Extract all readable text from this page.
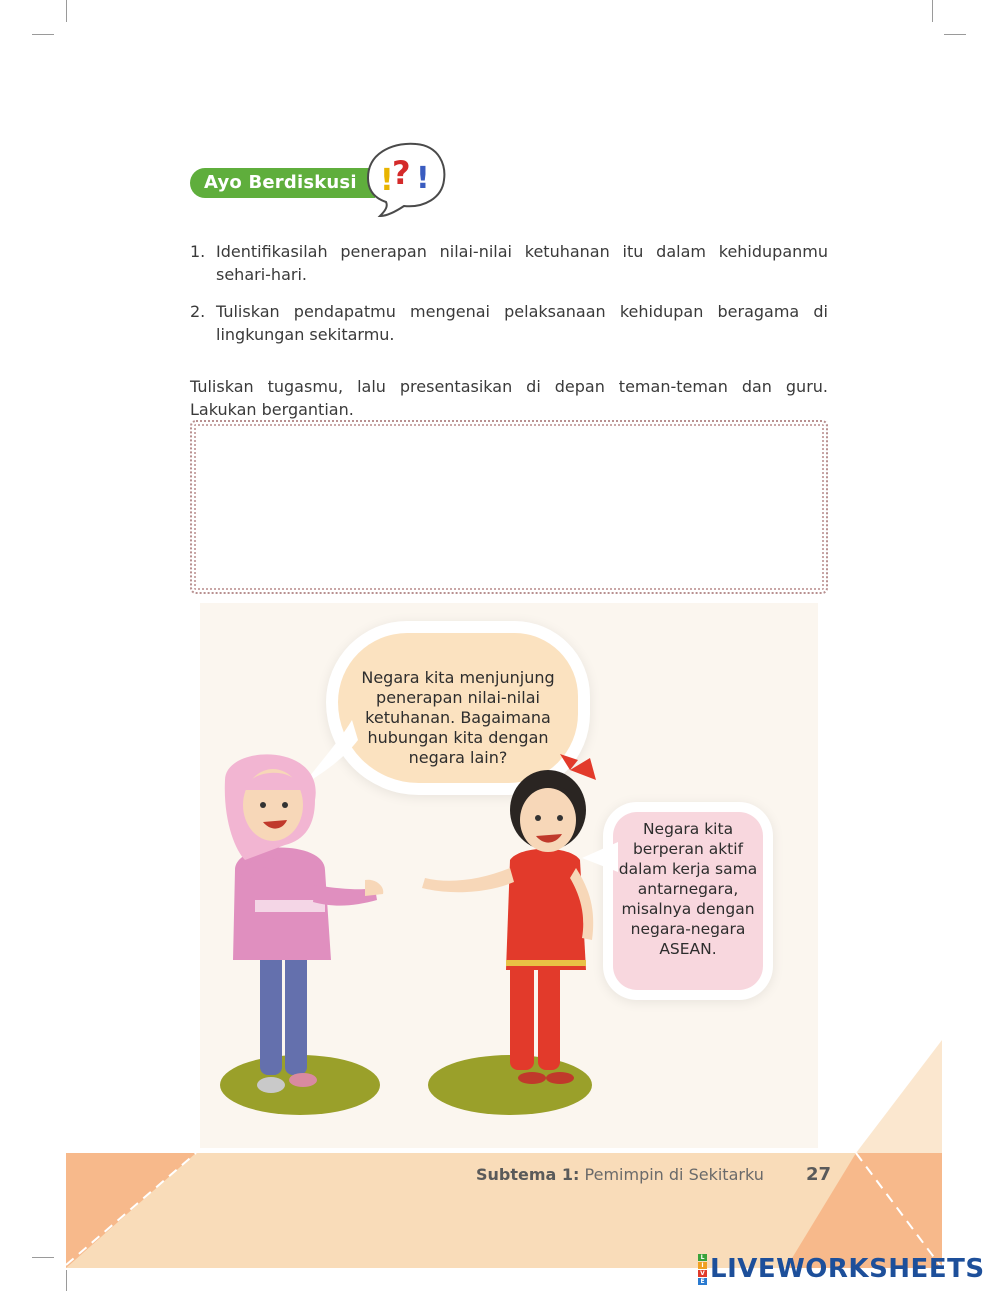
Ayo Berdiskusi !
? !
1. Identifikasilah penerapan nilai-nilai ketuhanan itu dalam kehidupanmu sehari-hari.
2. Tuliskan pendapatmu mengenai pelaksanaan kehidupan beragama di lingkungan sekitarmu.

Tuliskan tugasmu, lalu presentasikan di depan teman-teman dan guru. Lakukan bergantian.

Negara kita menjunjung penerapan nilai-nilai ketuhanan. Bagaimana hubungan kita dengan negara lain?
Negara kita berperan aktif dalam kerja sama antarnegara, misalnya dengan negara-negara ASEAN.
Subtema 1: Pemimpin di Sekitarku 27
L
I
V
E LIVEWORKSHEETS
